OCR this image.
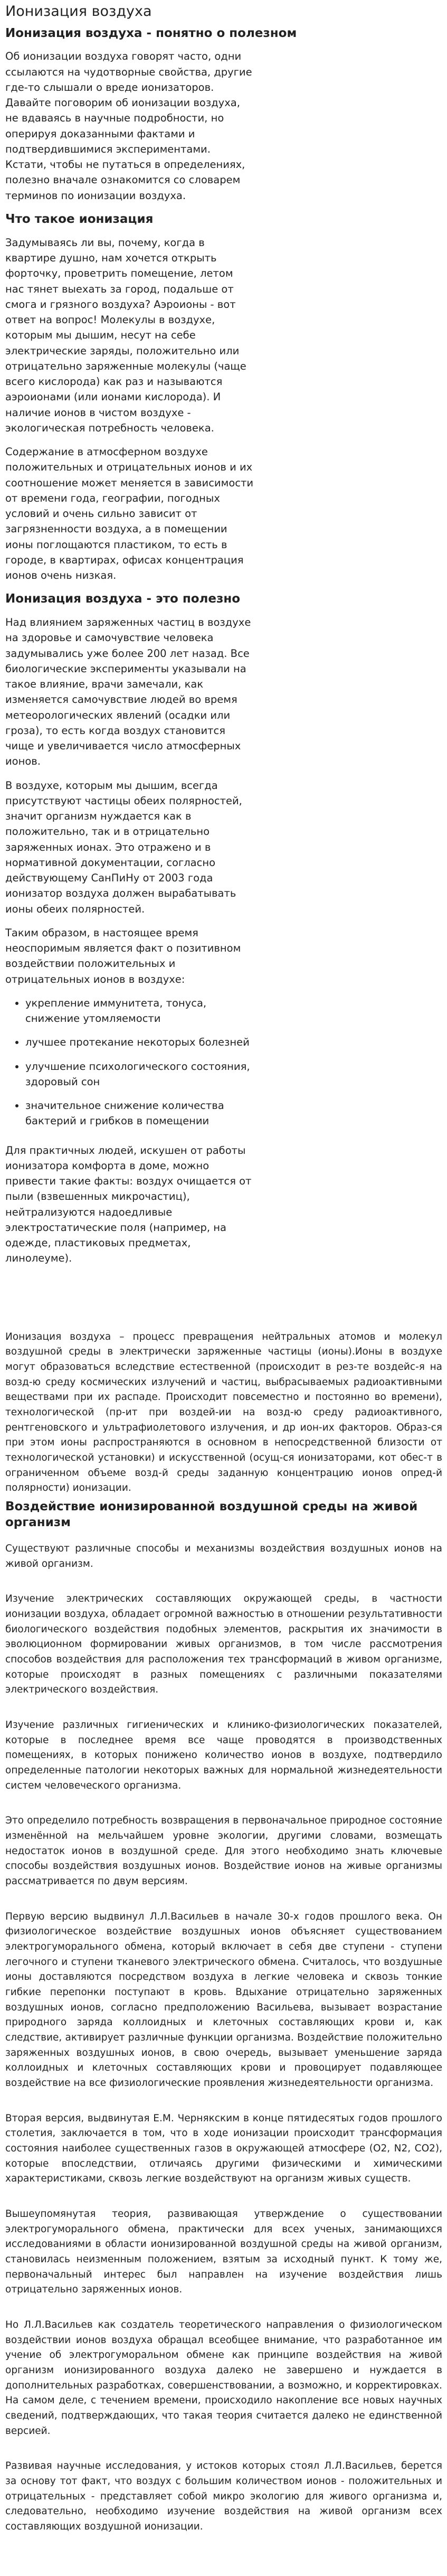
Ионизация воздуха
Ионизация воздуха - понятно о полезном

Об ионизации воздуха говорят часто, одни ссылаются на чудотворные свойства, другие где-то слышали о вреде ионизаторов. Давайте поговорим об ионизации воздуха, не вдаваясь в научные подробности, но оперируя доказанными фактами и подтвердившимися экспериментами. Кстати, чтобы не путаться в определениях, полезно вначале ознакомится со словарем терминов по ионизации воздуха.

Что такое ионизация

Задумываясь ли вы, почему, когда в квартире душно, нам хочется открыть форточку, проветрить помещение, летом нас тянет выехать за город, подальше от смога и грязного воздуха? Аэроионы - вот ответ на вопрос! Молекулы в воздухе, которым мы дышим, несут на себе электрические заряды, положительно или отрицательно заряженные молекулы (чаще всего кислорода) как раз и называются аэроионами (или ионами кислорода). И наличие ионов в чистом воздухе - экологическая потребность человека.

Содержание в атмосферном воздухе положительных и отрицательных ионов и их соотношение может меняется в зависимости от времени года, географии, погодных условий и очень сильно зависит от загрязненности воздуха, а в помещении ионы поглощаются пластиком, то есть в городе, в квартирах, офисах концентрация ионов очень низкая.

Ионизация воздуха - это полезно

Над влиянием заряженных частиц в воздухе на здоровье и самочувствие человека задумывались уже более 200 лет назад. Все биологические эксперименты указывали на такое влияние, врачи замечали, как изменяется самочувствие людей во время метеорологических явлений (осадки или гроза), то есть когда воздух становится чище и увеличивается число атмосферных ионов.

В воздухе, которым мы дышим, всегда присутствуют частицы обеих полярностей, значит организм нуждается как в положительно, так и в отрицательно заряженных ионах. Это отражено и в нормативной документации, согласно действующему СанПиНу от 2003 года ионизатор воздуха должен вырабатывать ионы обеих полярностей.

Таким образом, в настоящее время неоспоримым является факт о позитивном воздействии положительных и отрицательных ионов в воздухе:

• укрепление иммунитета, тонуса, снижение утомляемости
• лучшее протекание некоторых болезней
• улучшение психологического состояния, здоровый сон
• значительное снижение количества бактерий и грибков в помещении

Для практичных людей, искушен от работы ионизатора комфорта в доме, можно привести такие факты: воздух очищается от пыли (взвешенных микрочастиц), нейтрализуются надоедливые электростатические поля (например, на одежде, пластиковых предметах, линолеуме).

Ионизация воздуха – процесс превращения нейтральных атомов и молекул воздушной среды в электрически заряженные частицы (ионы).Ионы в воздухе могут образоваться вследствие естественной (происходит в рез-те воздейс-я на возд-ю среду космических излучений и частиц, выбрасываемых радиоактивными веществами при их распаде. Происходит повсеместно и постоянно во времени), технологической (пр-ит при воздей-ии на возд-ю среду радиоактивного, рентгеновского и ультрафиолетового излучения, и др ион-их факторов. Образ-ся при этом ионы распространяются в основном в непосредственной близости от технологической установки) и искусственной (осущ-ся ионизаторами, кот обес-т в ограниченном объеме возд-й среды заданную концентрацию ионов опред-й полярности) ионизации.

Воздействие ионизированной воздушной среды на живой организм

Существуют различные способы и механизмы воздействия воздушных ионов на живой организм.

Изучение электрических составляющих окружающей среды, в частности ионизации воздуха, обладает огромной важностью в отношении результативности биологического воздействия подобных элементов, раскрытия их значимости в эволюционном формировании живых организмов, в том числе рассмотрения способов воздействия для расположения тех трансформаций в живом организме, которые происходят в разных помещениях с различными показателями электрического воздействия.

Изучение различных гигиенических и клинико-физиологических показателей, которые в последнее время все чаще проводятся в производственных помещениях, в которых понижено количество ионов в воздухе, подтвердило определенные патологии некоторых важных для нормальной жизнедеятельности систем человеческого организма.

Это определило потребность возвращения в первоначальное природное состояние изменённой на мельчайшем уровне экологии, другими словами, возмещать недостаток ионов в воздушной среде. Для этого необходимо знать ключевые способы воздействия воздушных ионов. Воздействие ионов на живые организмы рассматривается по двум версиям.

Первую версию выдвинул Л.Л.Васильев в начале 30-х годов прошлого века. Он физиологическое воздействие воздушных ионов объясняет существованием электрогуморального обмена, который включает в себя две ступени - ступени легочного и ступени тканевого электрического обмена. Считалось, что воздушные ионы доставляются посредством воздуха в легкие человека и сквозь тонкие гибкие перепонки поступают в кровь. Вдыхание отрицательно заряженных воздушных ионов, согласно предположению Васильева, вызывает возрастание природного заряда коллоидных и клеточных составляющих крови и, как следствие, активирует различные функции организма. Воздействие положительно заряженных воздушных ионов, в свою очередь, вызывает уменьшение заряда коллоидных и клеточных составляющих крови и провоцирует подавляющее воздействие на все физиологические проявления жизнедеятельности организма.

Вторая версия, выдвинутая Е.М. Чернякским в конце пятидесятых годов прошлого столетия, заключается в том, что в ходе ионизации происходит трансформация состояния наиболее существенных газов в окружающей атмосфере (O2, N2, CO2), которые впоследствии, отличаясь другими физическими и химическими характеристиками, сквозь легкие воздействуют на организм живых существ.

Вышеупомянутая теория, развивающая утверждение о существовании электрогуморального обмена, практически для всех ученых, занимающихся исследованиями в области ионизированной воздушной среды на живой организм, становилась неизменным положением, взятым за исходный пункт. К тому же, первоначальный интерес был направлен на изучение воздействия лишь отрицательно заряженных ионов.

Но Л.Л.Васильев как создатель теоретического направления о физиологическом воздействии ионов воздуха обращал всеобщее внимание, что разработанное им учение об электрогуморальном обмене как принципе воздействия на живой организм ионизированного воздуха далеко не завершено и нуждается в дополнительных разработках, совершенствовании, а возможно, и корректировках. На самом деле, с течением времени, происходило накопление все новых научных сведений, подтверждающих, что такая теория считается далеко не единственной версией.

Развивая научные исследования, у истоков которых стоял Л.Л.Васильев, берется за основу тот факт, что воздух с большим количеством ионов - положительных и отрицательных - представляет собой микро экологию для живого организма и, следовательно, необходимо изучение воздействия на живой организм всех составляющих воздушной ионизации.
